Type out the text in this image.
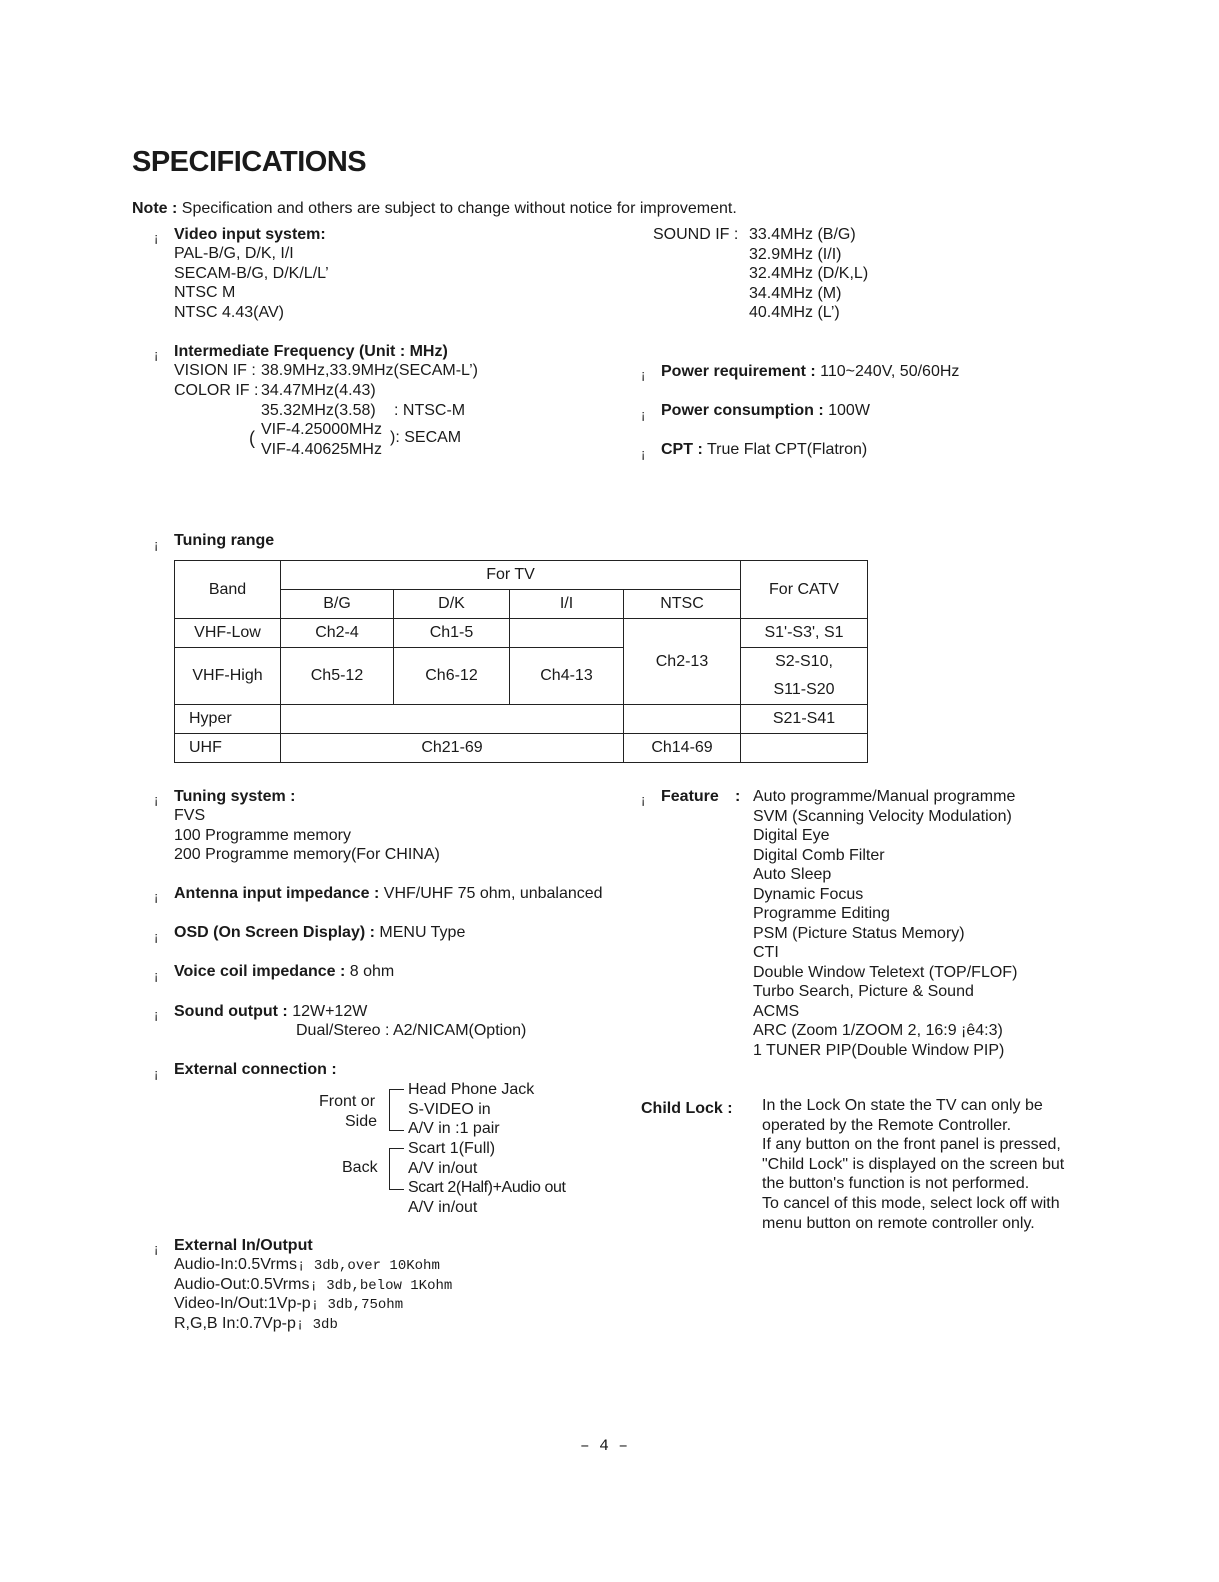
SPECIFICATIONS
Note : Specification and others are subject to change without notice for improvement.
¡ Video input system:
PAL-B/G, D/K, I/I
SECAM-B/G, D/K/L/L’
NTSC M
NTSC 4.43(AV)
SOUND IF : 33.4MHz (B/G)
32.9MHz (I/I)
32.4MHz (D/K,L)
34.4MHz (M)
40.4MHz (L’)
¡ Intermediate Frequency (Unit : MHz)
VISION IF : 38.9MHz,33.9MHz(SECAM-L’)
COLOR IF : 34.47MHz(4.43)
35.32MHz(3.58) : NTSC-M
( VIF-4.25000MHz
VIF-4.40625MHz
): SECAM
¡ Power requirement : 110~240V, 50/60Hz
¡ Power consumption : 100W
¡ CPT : True Flat CPT(Flatron)
¡ Tuning range
Band	For TV				For CATV
	B/G	D/K	I/I	NTSC	
VHF-Low	Ch2-4	Ch1-5		Ch2-13	S1'-S3', S1
VHF-High	Ch5-12	Ch6-12	Ch4-13		S2-S10,
					S11-S20
Hyper					S21-S41
UHF	Ch21-69			Ch14-69	
¡ Tuning system :
FVS
100 Programme memory
200 Programme memory(For CHINA)
¡ Antenna input impedance : VHF/UHF 75 ohm, unbalanced
¡ OSD (On Screen Display) : MENU Type
¡ Voice coil impedance : 8 ohm
¡ Sound output : 12W+12W
Dual/Stereo : A2/NICAM(Option)
¡ External connection :
Front or
Side
Head Phone Jack
S-VIDEO in
A/V in :1 pair
Back
Scart 1(Full)
A/V in/out
Scart 2(Half)+Audio out
A/V in/out
¡ External In/Output
Audio-In:0.5Vrms¡ 3db,over 10Kohm
Audio-Out:0.5Vrms¡ 3db,below 1Kohm
Video-In/Out:1Vp-p¡ 3db,75ohm
R,G,B In:0.7Vp-p¡ 3db
¡ Feature : Auto programme/Manual programme
SVM (Scanning Velocity Modulation)
Digital Eye
Digital Comb Filter
Auto Sleep
Dynamic Focus
Programme Editing
PSM (Picture Status Memory)
CTI
Double Window Teletext (TOP/FLOF)
Turbo Search, Picture & Sound
ACMS
ARC (Zoom 1/ZOOM 2, 16:9 ¡ê4:3)
1 TUNER PIP(Double Window PIP)
Child Lock : In the Lock On state the TV can only be
operated by the Remote Controller.
If any button on the front panel is pressed,
"Child Lock" is displayed on the screen but
the button's function is not performed.
To cancel of this mode, select lock off with
menu button on remote controller only.
– 4 –
